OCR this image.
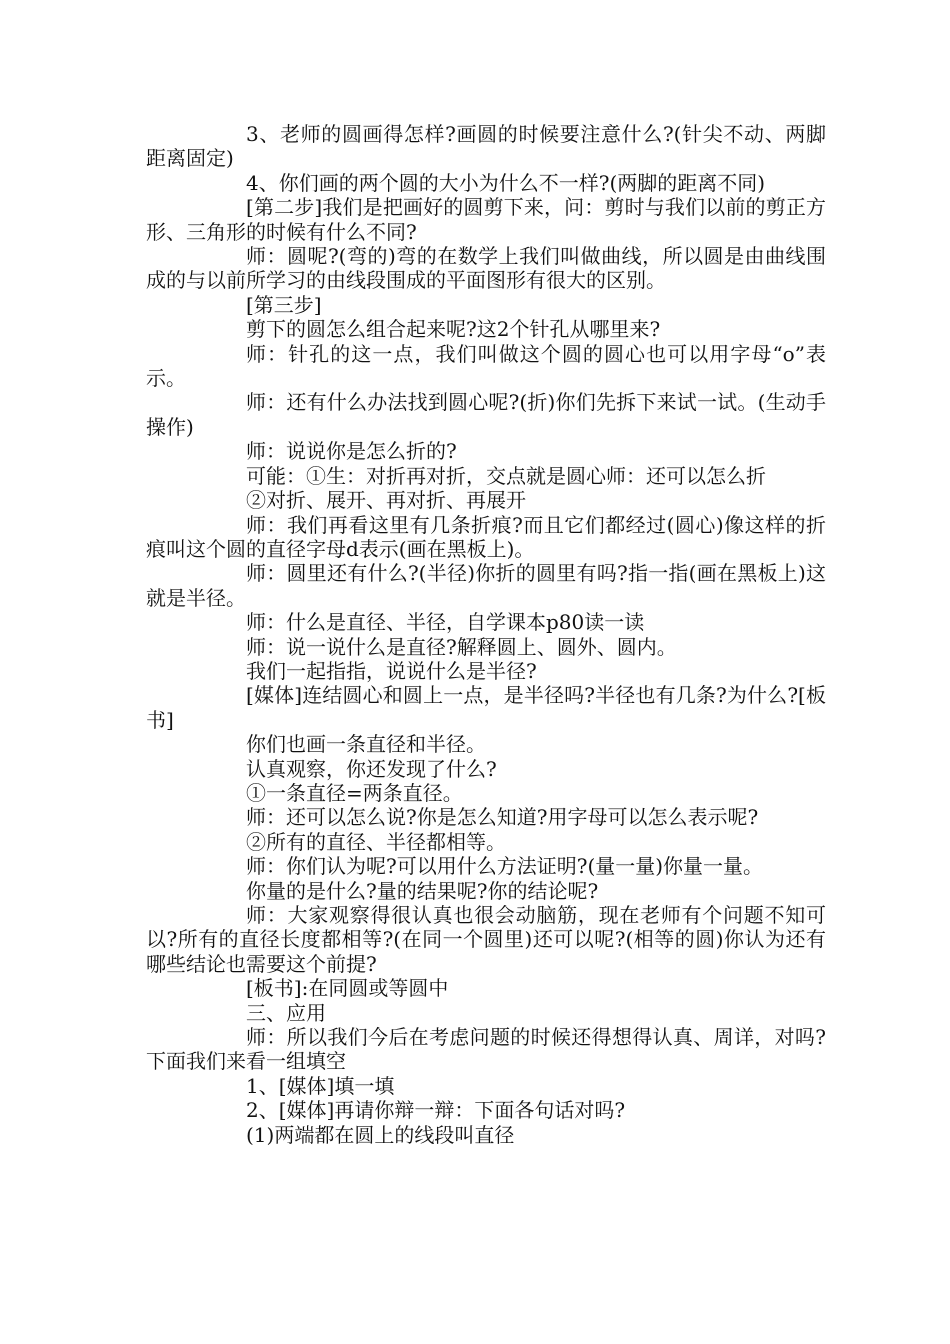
3、老师的圆画得怎样?画圆的时候要注意什么?(针尖不动、两脚距离固定)

4、你们画的两个圆的大小为什么不一样?(两脚的距离不同)

[第二步]我们是把画好的圆剪下来，问：剪时与我们以前的剪正方形、三角形的时候有什么不同?

师：圆呢?(弯的)弯的在数学上我们叫做曲线，所以圆是由曲线围成的与以前所学习的由线段围成的平面图形有很大的区别。

[第三步]

剪下的圆怎么组合起来呢?这2个针孔从哪里来?

师：针孔的这一点，我们叫做这个圆的圆心也可以用字母“o”表示。

师：还有什么办法找到圆心呢?(折)你们先拆下来试一试。(生动手操作)

师：说说你是怎么折的?

可能：①生：对折再对折，交点就是圆心师：还可以怎么折

②对折、展开、再对折、再展开

师：我们再看这里有几条折痕?而且它们都经过(圆心)像这样的折痕叫这个圆的直径字母d表示(画在黑板上)。

师：圆里还有什么?(半径)你折的圆里有吗?指一指(画在黑板上)这就是半径。

师：什么是直径、半径，自学课本p80读一读

师：说一说什么是直径?解释圆上、圆外、圆内。

我们一起指指，说说什么是半径?

[媒体]连结圆心和圆上一点，是半径吗?半径也有几条?为什么?[板书]

你们也画一条直径和半径。

认真观察，你还发现了什么?

①一条直径=两条直径。

师：还可以怎么说?你是怎么知道?用字母可以怎么表示呢?

②所有的直径、半径都相等。

师：你们认为呢?可以用什么方法证明?(量一量)你量一量。

你量的是什么?量的结果呢?你的结论呢?

师：大家观察得很认真也很会动脑筋，现在老师有个问题不知可以?所有的直径长度都相等?(在同一个圆里)还可以呢?(相等的圆)你认为还有哪些结论也需要这个前提?

[板书]:在同圆或等圆中

三、应用

师：所以我们今后在考虑问题的时候还得想得认真、周详，对吗?下面我们来看一组填空

1、[媒体]填一填

2、[媒体]再请你辩一辩：下面各句话对吗?

(1)两端都在圆上的线段叫直径
